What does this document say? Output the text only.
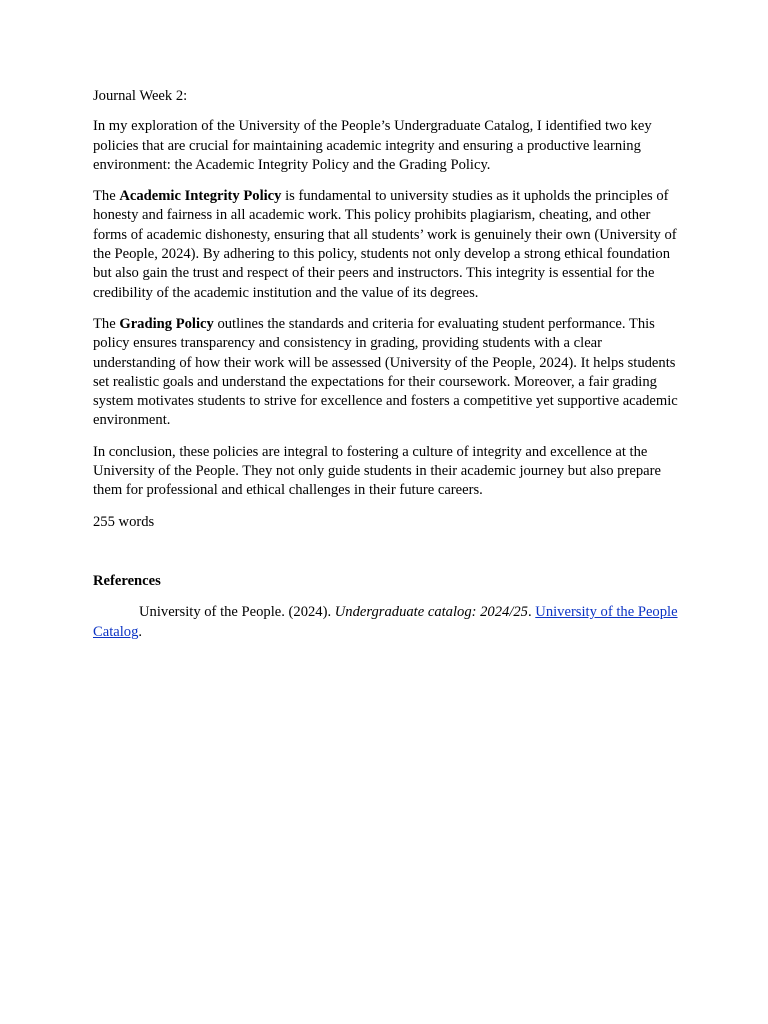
Journal Week 2:

In my exploration of the University of the People’s Undergraduate Catalog, I identified two key policies that are crucial for maintaining academic integrity and ensuring a productive learning environment: the Academic Integrity Policy and the Grading Policy.

The Academic Integrity Policy is fundamental to university studies as it upholds the principles of honesty and fairness in all academic work. This policy prohibits plagiarism, cheating, and other forms of academic dishonesty, ensuring that all students’ work is genuinely their own (University of the People, 2024). By adhering to this policy, students not only develop a strong ethical foundation but also gain the trust and respect of their peers and instructors. This integrity is essential for the credibility of the academic institution and the value of its degrees.

The Grading Policy outlines the standards and criteria for evaluating student performance. This policy ensures transparency and consistency in grading, providing students with a clear understanding of how their work will be assessed (University of the People, 2024). It helps students set realistic goals and understand the expectations for their coursework. Moreover, a fair grading system motivates students to strive for excellence and fosters a competitive yet supportive academic environment.

In conclusion, these policies are integral to fostering a culture of integrity and excellence at the University of the People. They not only guide students in their academic journey but also prepare them for professional and ethical challenges in their future careers.

255 words

References

University of the People. (2024). Undergraduate catalog: 2024/25. University of the People Catalog.
